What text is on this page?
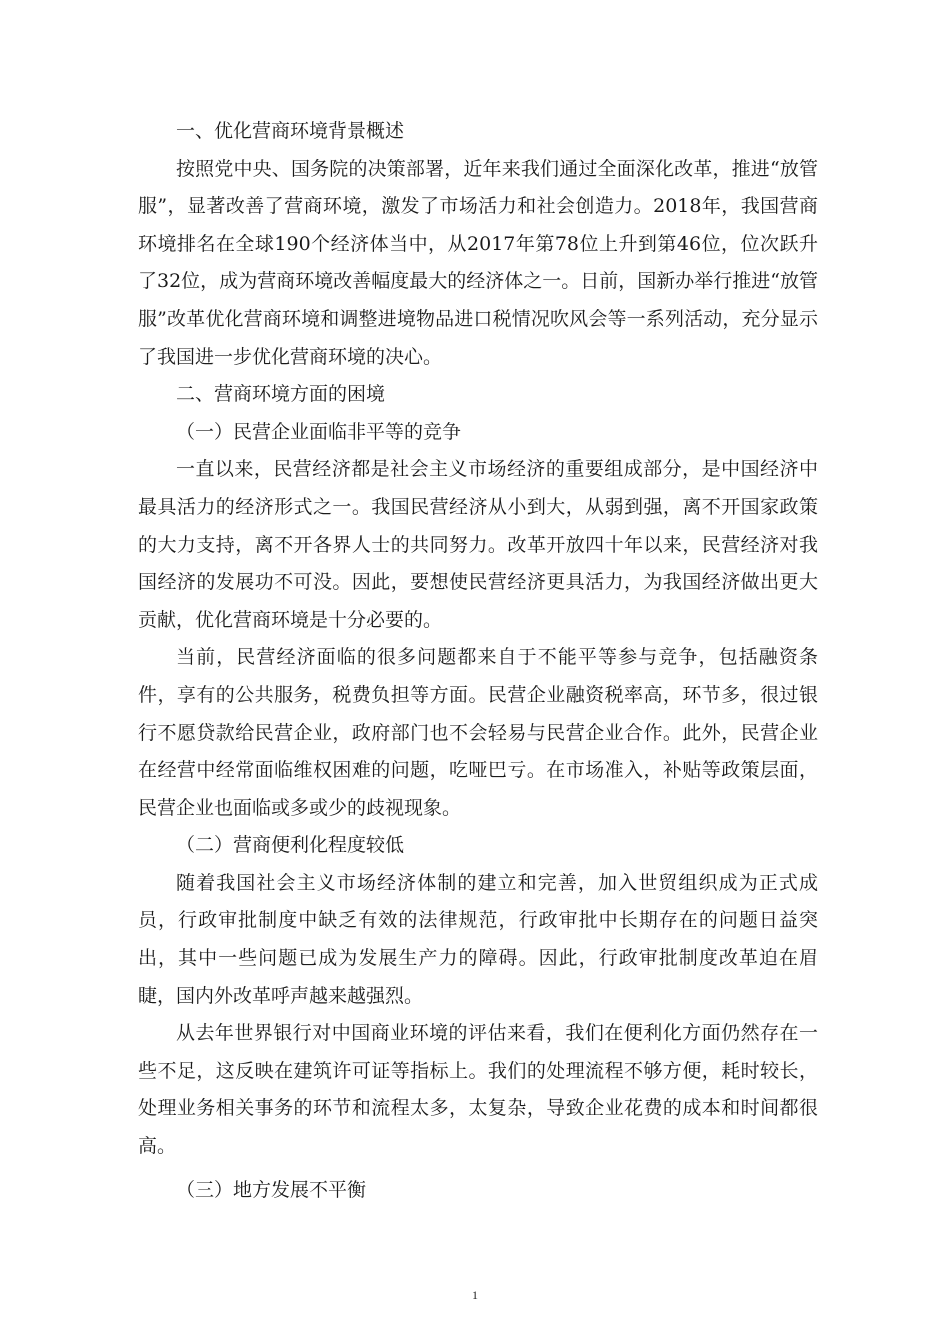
一、优化营商环境背景概述

按照党中央、国务院的决策部署，近年来我们通过全面深化改革，推进“放管服”，显著改善了营商环境，激发了市场活力和社会创造力。2018年，我国营商环境排名在全球190个经济体当中，从2017年第78位上升到第46位，位次跃升了32位，成为营商环境改善幅度最大的经济体之一。日前，国新办举行推进“放管服”改革优化营商环境和调整进境物品进口税情况吹风会等一系列活动，充分显示了我国进一步优化营商环境的决心。

二、营商环境方面的困境

（一）民营企业面临非平等的竞争

一直以来，民营经济都是社会主义市场经济的重要组成部分，是中国经济中最具活力的经济形式之一。我国民营经济从小到大，从弱到强，离不开国家政策的大力支持，离不开各界人士的共同努力。改革开放四十年以来，民营经济对我国经济的发展功不可没。因此，要想使民营经济更具活力，为我国经济做出更大贡献，优化营商环境是十分必要的。

当前，民营经济面临的很多问题都来自于不能平等参与竞争，包括融资条件，享有的公共服务，税费负担等方面。民营企业融资税率高，环节多，很过银行不愿贷款给民营企业，政府部门也不会轻易与民营企业合作。此外，民营企业在经营中经常面临维权困难的问题，吃哑巴亏。在市场准入，补贴等政策层面，民营企业也面临或多或少的歧视现象。

（二）营商便利化程度较低

随着我国社会主义市场经济体制的建立和完善，加入世贸组织成为正式成员，行政审批制度中缺乏有效的法律规范，行政审批中长期存在的问题日益突出，其中一些问题已成为发展生产力的障碍。因此，行政审批制度改革迫在眉睫，国内外改革呼声越来越强烈。

从去年世界银行对中国商业环境的评估来看，我们在便利化方面仍然存在一些不足，这反映在建筑许可证等指标上。我们的处理流程不够方便，耗时较长，处理业务相关事务的环节和流程太多，太复杂，导致企业花费的成本和时间都很高。

（三）地方发展不平衡

1
